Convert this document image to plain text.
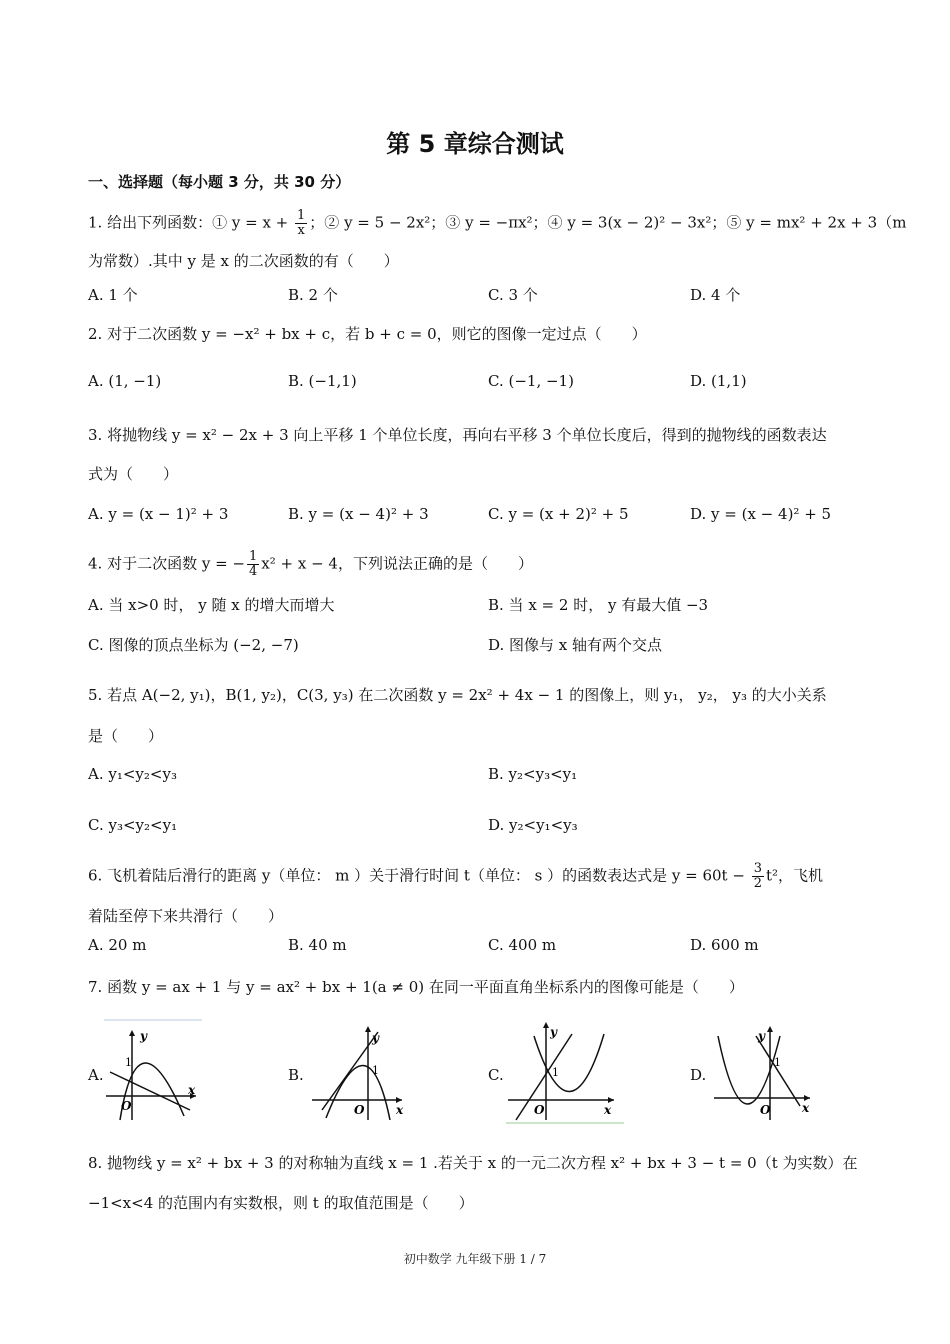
第 5 章综合测试
一、选择题（每小题 3 分，共 30 分）
1. 给出下列函数：① $y = x + \frac{1}{x}$ ；② y = 5 − 2x²；③ y = −πx²；④ y = 3(x − 2)² − 3x²；⑤ y = mx² + 2x + 3（m
为常数）.其中 y 是 x 的二次函数的有（　　）
A. 1 个	B. 2 个	C. 3 个	D. 4 个
2. 对于二次函数 y = −x² + bx + c，若 b + c = 0，则它的图像一定过点（　　）
A. (1, −1)	B. (−1,1)	C. (−1, −1)	D. (1,1)
3. 将抛物线 y = x² − 2x + 3 向上平移 1 个单位长度，再向右平移 3 个单位长度后，得到的抛物线的函数表达
式为（　　）
A. y = (x − 1)² + 3	B. y = (x − 4)² + 3	C. y = (x + 2)² + 5	D. y = (x − 4)² + 5
4. 对于二次函数 y = − $\frac{1}{4} x^2 + x - 4$，下列说法正确的是（　　）
A. 当 x>0 时， y 随 x 的增大而增大	B. 当 x = 2 时， y 有最大值 −3
C. 图像的顶点坐标为 (−2, −7)	D. 图像与 x 轴有两个交点
5. 若点 A(−2, y₁)，B(1, y₂)，C(3, y₃) 在二次函数 y = 2x² + 4x − 1 的图像上，则 y₁， y₂， y₃ 的大小关系
是（　　）
A. y₁<y₂<y₃	B. y₂<y₃<y₁
C. y₃<y₂<y₁	D. y₂<y₁<y₃
6. 飞机着陆后滑行的距离 y（单位： m ）关于滑行时间 t（单位： s ）的函数表达式是 $y = 60t - \frac{3}{2} t^2$，飞机
着陆至停下来共滑行（　　）
A. 20 m	B. 40 m	C. 400 m	D. 600 m
7. 函数 y = ax + 1 与 y = ax² + bx + 1(a ≠ 0) 在同一平面直角坐标系内的图像可能是（　　）
A.
y
x
O
1
B.
y
x
O
1	C.
y
x
O
1	D.
y
x
O
1
8. 抛物线 y = x² + bx + 3 的对称轴为直线 x = 1 .若关于 x 的一元二次方程 x² + bx + 3 − t = 0（t 为实数）在
−1<x<4 的范围内有实数根，则 t 的取值范围是（　　）
初中数学 九年级下册 1 / 7
